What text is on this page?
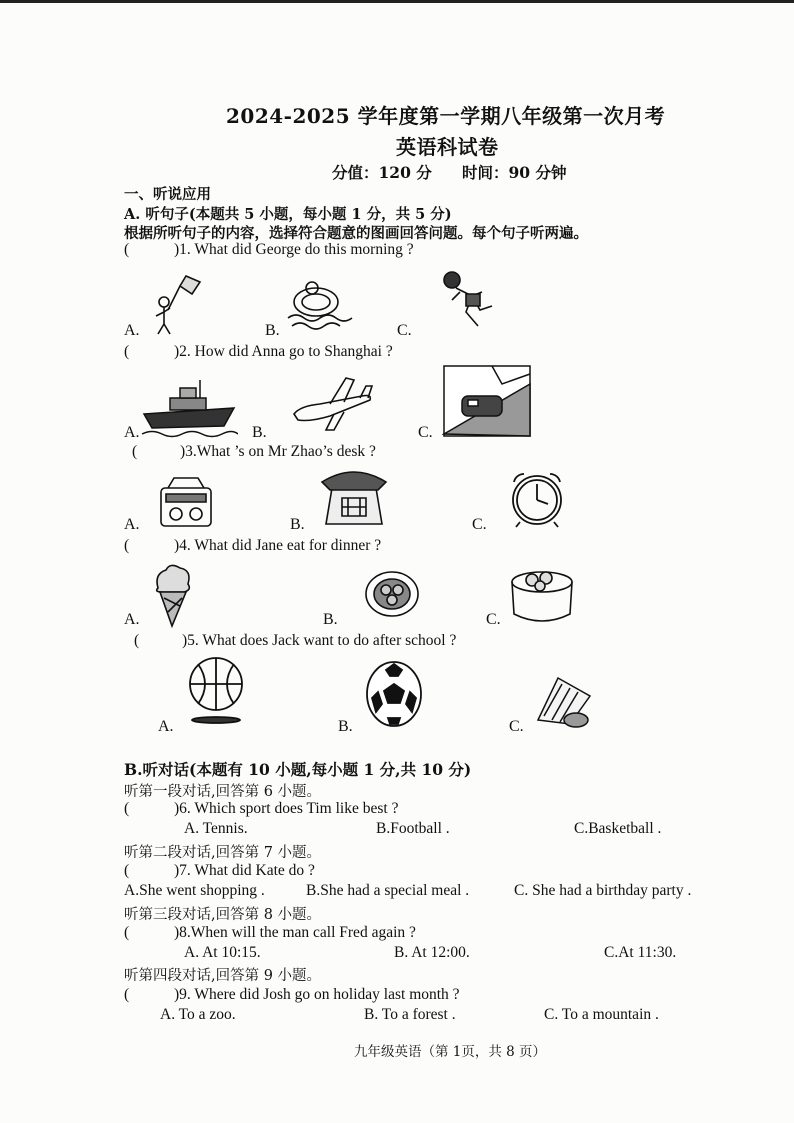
2024-2025 学年度第一学期八年级第一次月考
英语科试卷
分值：120 分 时间：90 分钟
一、听说应用
A. 听句子(本题共 5 小题，每小题 1 分，共 5 分)
根据所听句子的内容，选择符合题意的图画回答问题。每个句子听两遍。
(	)1. What did George do this morning ?
A.	B.	C.
(	)2. How did Anna go to Shanghai ?
A.	B.	C.
(	)3.What ’s on Mr Zhao’s desk ?
A.	B.	C.
(	)4. What did Jane eat for dinner ?
A.	B.	C.
(	)5. What does Jack want to do after school ?
A.	B.	C.
B.听对话(本题有 10 小题,每小题 1 分,共 10 分)
听第一段对话,回答第 6 小题。
(	)6. Which sport does Tim like best ?
A. Tennis.	B.Football .	C.Basketball .
听第二段对话,回答第 7 小题。
(	)7. What did Kate do ?
A.She went shopping .	B.She had a special meal .	C. She had a birthday party .
听第三段对话,回答第 8 小题。
(	)8.When will the man call Fred again ?
A. At 10:15.	B. At 12:00.	C.At 11:30.
听第四段对话,回答第 9 小题。
(	)9. Where did Josh go on holiday last month ?
A. To a zoo.	B. To a forest .	C. To a mountain .
九年级英语（第 1页，共 8 页）
